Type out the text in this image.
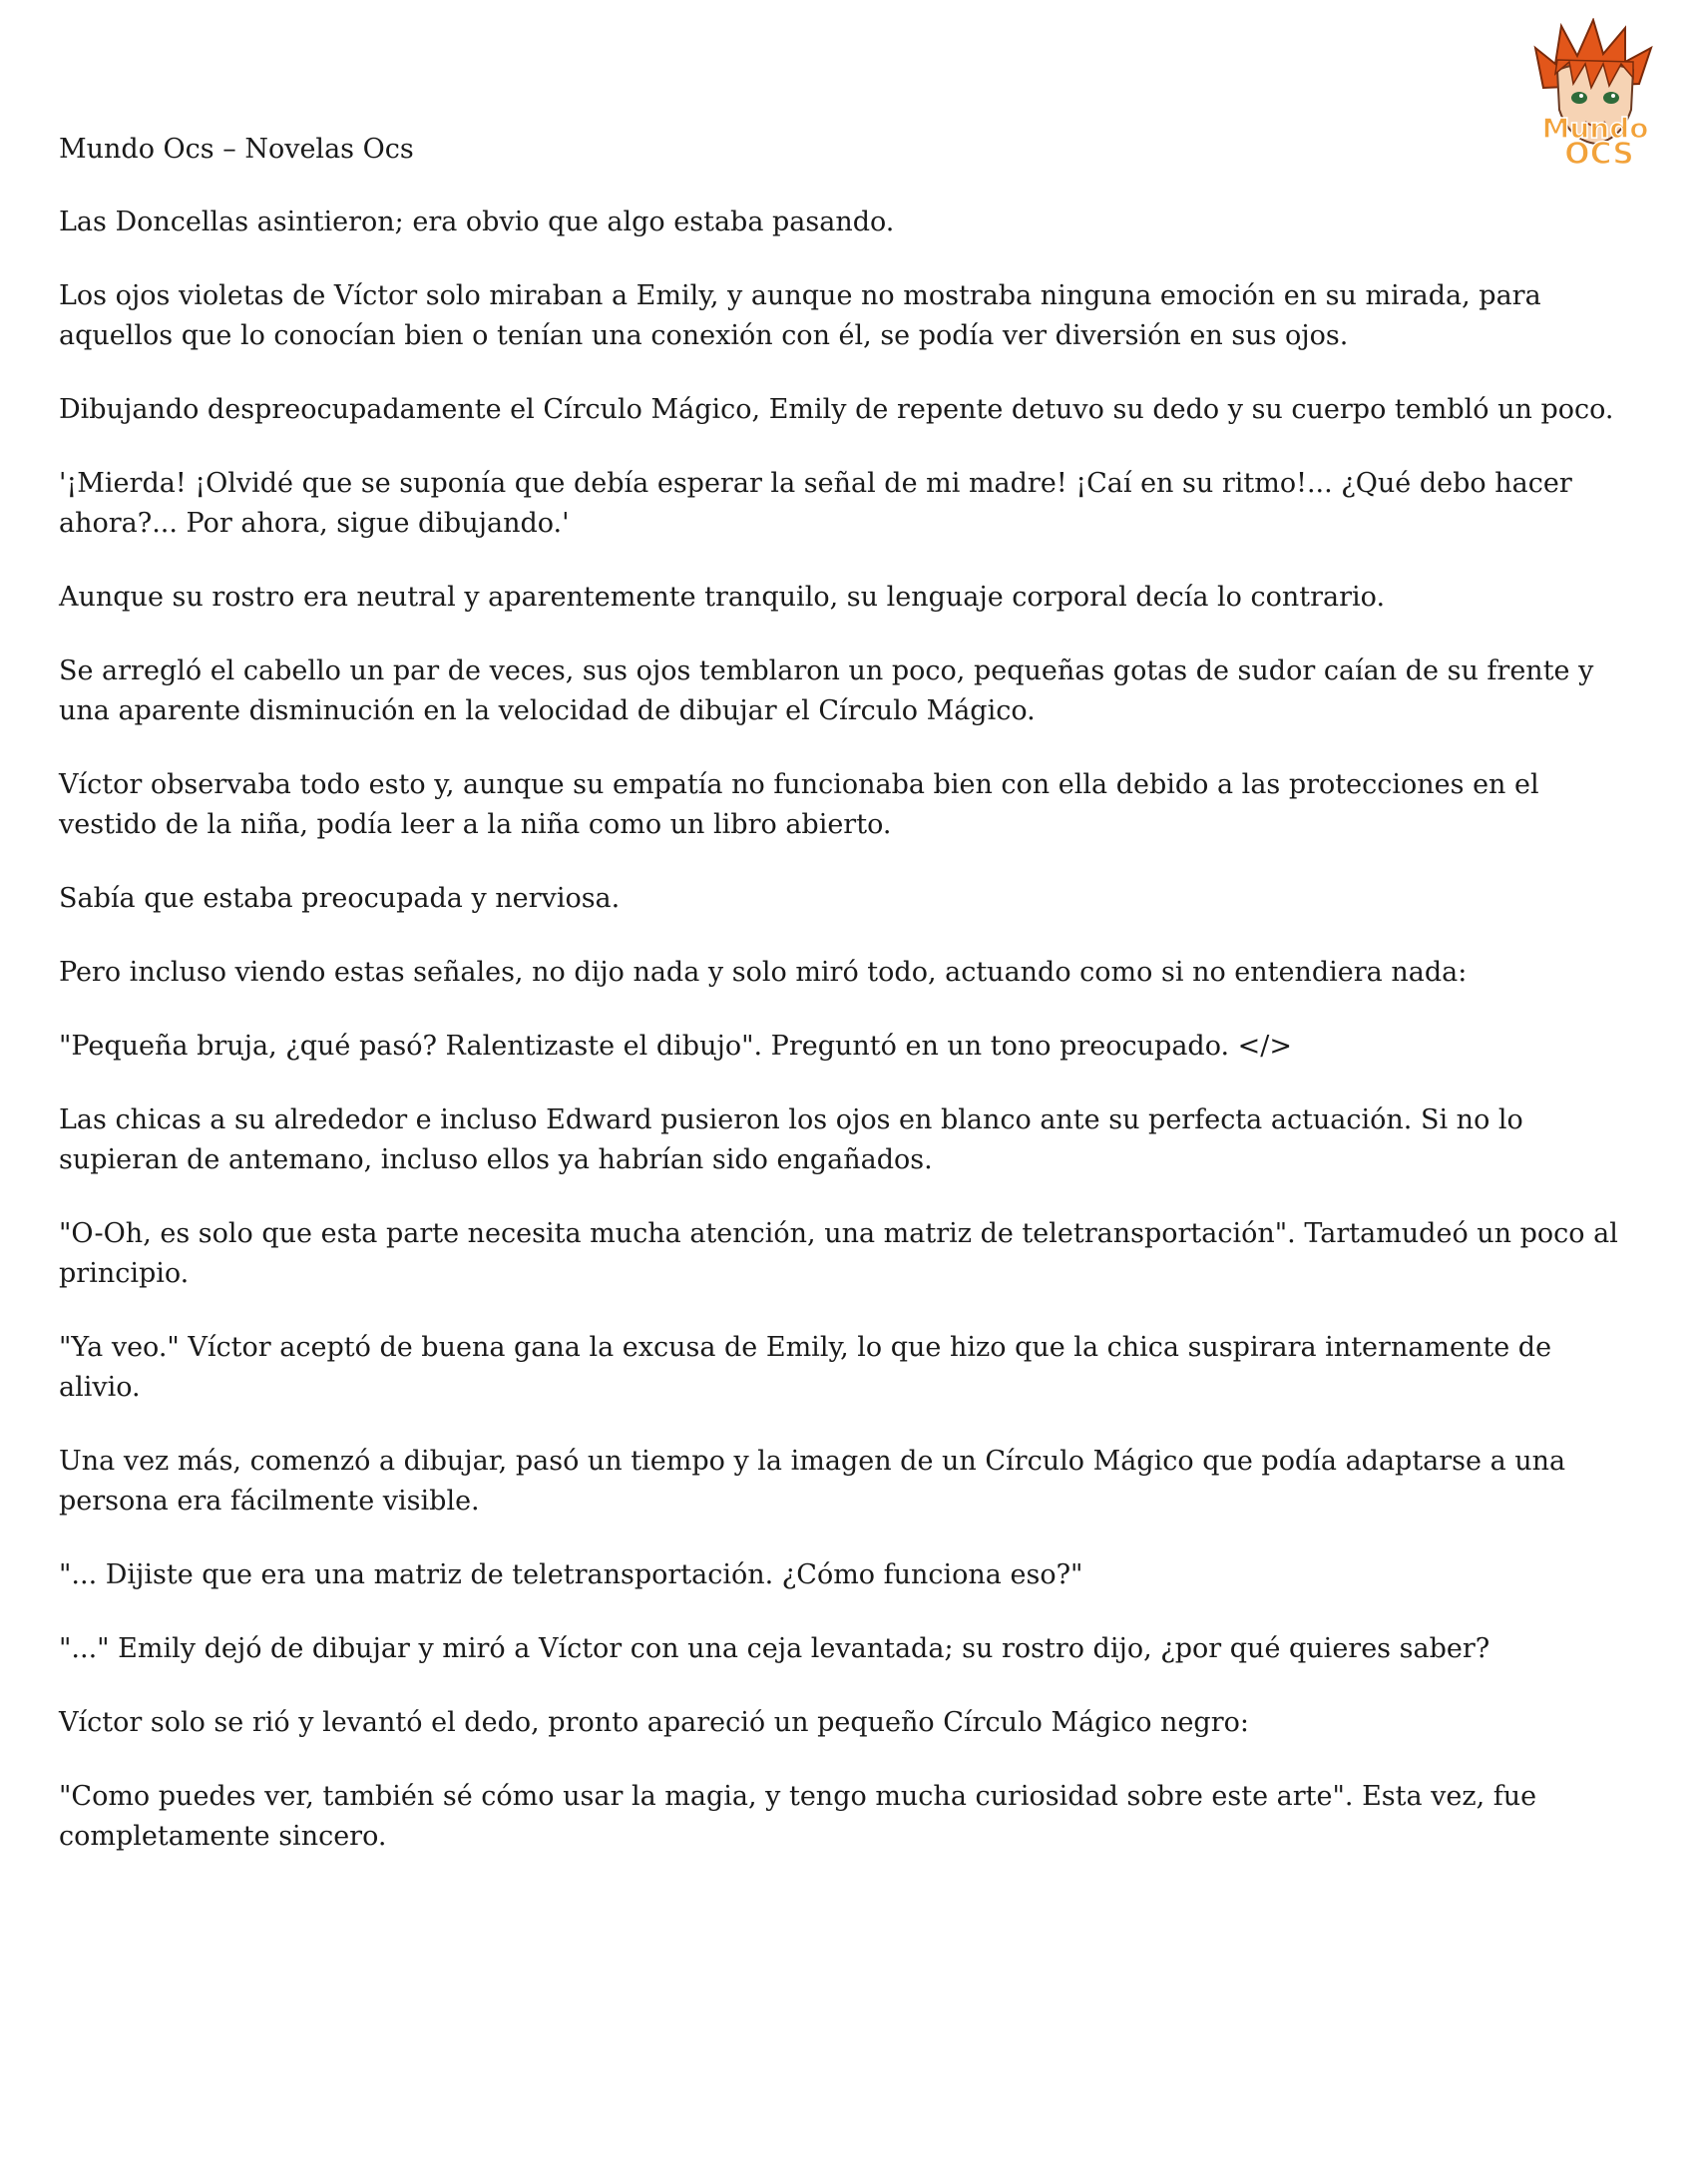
Mundo Ocs – Novelas Ocs
Mundo
OCS

Las Doncellas asintieron; era obvio que algo estaba pasando.

Los ojos violetas de Víctor solo miraban a Emily, y aunque no mostraba ninguna emoción en su mirada, para aquellos que lo conocían bien o tenían una conexión con él, se podía ver diversión en sus ojos.

Dibujando despreocupadamente el Círculo Mágico, Emily de repente detuvo su dedo y su cuerpo tembló un poco.

'¡Mierda! ¡Olvidé que se suponía que debía esperar la señal de mi madre! ¡Caí en su ritmo!... ¿Qué debo hacer ahora?... Por ahora, sigue dibujando.'

Aunque su rostro era neutral y aparentemente tranquilo, su lenguaje corporal decía lo contrario.

Se arregló el cabello un par de veces, sus ojos temblaron un poco, pequeñas gotas de sudor caían de su frente y una aparente disminución en la velocidad de dibujar el Círculo Mágico.

Víctor observaba todo esto y, aunque su empatía no funcionaba bien con ella debido a las protecciones en el vestido de la niña, podía leer a la niña como un libro abierto.

Sabía que estaba preocupada y nerviosa.

Pero incluso viendo estas señales, no dijo nada y solo miró todo, actuando como si no entendiera nada:

"Pequeña bruja, ¿qué pasó? Ralentizaste el dibujo". Preguntó en un tono preocupado. </>

Las chicas a su alrededor e incluso Edward pusieron los ojos en blanco ante su perfecta actuación. Si no lo supieran de antemano, incluso ellos ya habrían sido engañados.

"O-Oh, es solo que esta parte necesita mucha atención, una matriz de teletransportación". Tartamudeó un poco al principio.

"Ya veo." Víctor aceptó de buena gana la excusa de Emily, lo que hizo que la chica suspirara internamente de alivio.

Una vez más, comenzó a dibujar, pasó un tiempo y la imagen de un Círculo Mágico que podía adaptarse a una persona era fácilmente visible.

"... Dijiste que era una matriz de teletransportación. ¿Cómo funciona eso?"

"..." Emily dejó de dibujar y miró a Víctor con una ceja levantada; su rostro dijo, ¿por qué quieres saber?

Víctor solo se rió y levantó el dedo, pronto apareció un pequeño Círculo Mágico negro:

"Como puedes ver, también sé cómo usar la magia, y tengo mucha curiosidad sobre este arte". Esta vez, fue completamente sincero.
